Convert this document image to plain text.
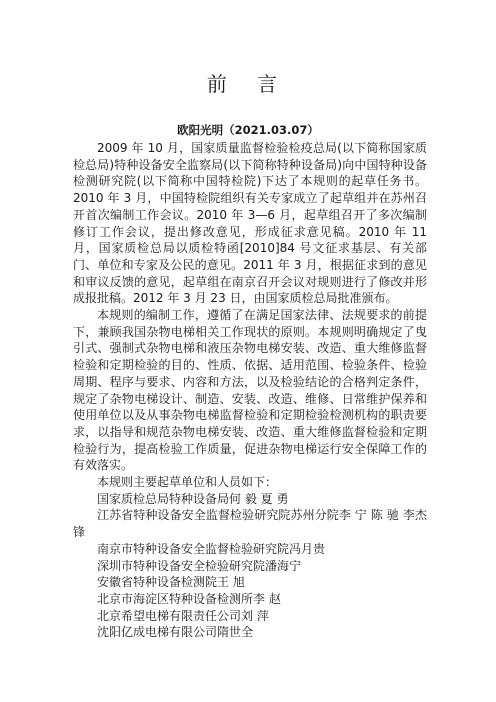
前 言
欧阳光明（2021.03.07）

2009 年 10 月，国家质量监督检验检疫总局(以下简称国家质检总局)特种设备安全监察局(以下简称特种设备局)向中国特种设备检测研究院(以下简称中国特检院)下达了本规则的起草任务书。2010 年 3 月，中国特检院组织有关专家成立了起草组并在苏州召开首次编制工作会议。2010 年 3—6 月，起草组召开了多次编制修订工作会议，提出修改意见，形成征求意见稿。2010 年 11 月，国家质检总局以质检特函[2010]84 号文征求基层、有关部门、单位和专家及公民的意见。2011 年 3 月，根据征求到的意见和审议反馈的意见，起草组在南京召开会议对规则进行了修改并形成报批稿。2012 年 3 月 23 日，由国家质检总局批准颁布。

本规则的编制工作，遵循了在满足国家法律、法规要求的前提下，兼顾我国杂物电梯相关工作现状的原则。本规则明确规定了曳引式、强制式杂物电梯和液压杂物电梯安装、改造、重大维修监督检验和定期检验的目的、性质、依据、适用范围、检验条件、检验周期、程序与要求、内容和方法，以及检验结论的合格判定条件，规定了杂物电梯设计、制造、安装、改造、维修、日常维护保养和使用单位以及从事杂物电梯监督检验和定期检验检测机构的职责要求，以指导和规范杂物电梯安装、改造、重大维修监督检验和定期检验行为，提高检验工作质量，促进杂物电梯运行安全保障工作的有效落实。

本规则主要起草单位和人员如下：

国家质检总局特种设备局何 毅 夏 勇

江苏省特种设备安全监督检验研究院苏州分院李 宁 陈 驰 李杰锋

南京市特种设备安全监督检验研究院冯月贵

深圳市特种设备安全检验研究院潘海宁

安徽省特种设备检测院王 旭

北京市海淀区特种设备检测所李 赵

北京希望电梯有限责任公司刘 萍

沈阳亿成电梯有限公司隋世全
